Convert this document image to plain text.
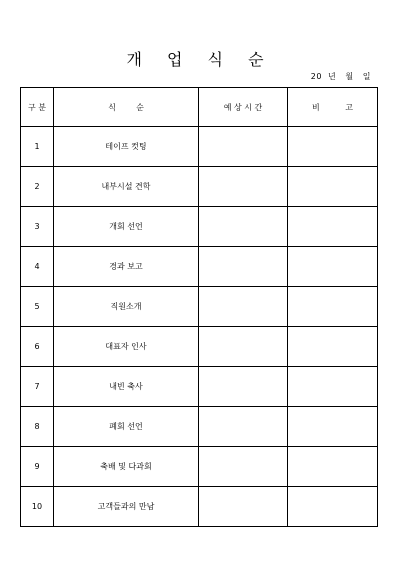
개 업 식 순
20  년   월   일
구 분	식        순	예 상 시 간	비          고
1	테이프 컷팅		
2	내부시설 견학		
3	개회 선언		
4	경과 보고		
5	직원소개		
6	대표자 인사		
7	내빈 축사		
8	폐회 선언		
9	축배 및 다과회		
10	고객들과의 만남		
